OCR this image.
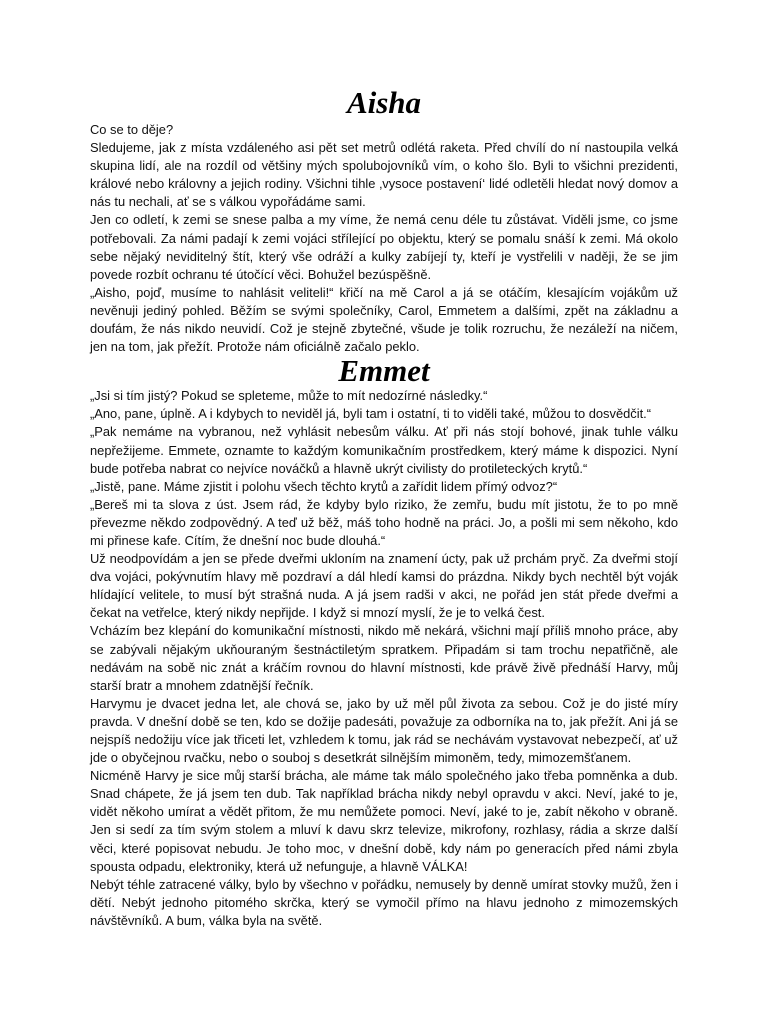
Aisha

Co se to děje?

Sledujeme, jak z místa vzdáleného asi pět set metrů odlétá raketa. Před chvílí do ní nastoupila velká skupina lidí, ale na rozdíl od většiny mých spolubojovníků vím, o koho šlo. Byli to všichni prezidenti, králové nebo královny a jejich rodiny. Všichni tihle ‚vysoce postavení‘ lidé odletěli hledat nový domov a nás tu nechali, ať se s válkou vypořádáme sami.

Jen co odletí, k zemi se snese palba a my víme, že nemá cenu déle tu zůstávat. Viděli jsme, co jsme potřebovali. Za námi padají k zemi vojáci střílející po objektu, který se pomalu snáší k zemi. Má okolo sebe nějaký neviditelný štít, který vše odráží a kulky zabíjejí ty, kteří je vystřelili v naději, že se jim povede rozbít ochranu té útočící věci. Bohužel bezúspěšně.

„Aisho, pojď, musíme to nahlásit veliteli!“ křičí na mě Carol a já se otáčím, klesajícím vojákům už nevěnuji jediný pohled. Běžím se svými společníky, Carol, Emmetem a dalšími, zpět na základnu a doufám, že nás nikdo neuvidí. Což je stejně zbytečné, všude je tolik rozruchu, že nezáleží na ničem, jen na tom, jak přežít. Protože nám oficiálně začalo peklo.

Emmet

„Jsi si tím jistý? Pokud se spleteme, může to mít nedozírné následky.“

„Ano, pane, úplně. A i kdybych to neviděl já, byli tam i ostatní, ti to viděli také, můžou to dosvědčit.“

„Pak nemáme na vybranou, než vyhlásit nebesům válku. Ať při nás stojí bohové, jinak tuhle válku nepřežijeme. Emmete, oznamte to každým komunikačním prostředkem, který máme k dispozici. Nyní bude potřeba nabrat co nejvíce nováčků a hlavně ukrýt civilisty do protileteckých krytů.“

„Jistě, pane. Máme zjistit i polohu všech těchto krytů a zařídit lidem přímý odvoz?“

„Bereš mi ta slova z úst. Jsem rád, že kdyby bylo riziko, že zemřu, budu mít jistotu, že to po mně převezme někdo zodpovědný. A teď už běž, máš toho hodně na práci. Jo, a pošli mi sem někoho, kdo mi přinese kafe. Cítím, že dnešní noc bude dlouhá.“

Už neodpovídám a jen se přede dveřmi ukloním na znamení úcty, pak už prchám pryč. Za dveřmi stojí dva vojáci, pokývnutím hlavy mě pozdraví a dál hledí kamsi do prázdna. Nikdy bych nechtěl být voják hlídající velitele, to musí být strašná nuda. A já jsem radši v akci, ne pořád jen stát přede dveřmi a čekat na vetřelce, který nikdy nepřijde. I když si mnozí myslí, že je to velká čest.

Vcházím bez klepání do komunikační místnosti, nikdo mě nekárá, všichni mají příliš mnoho práce, aby se zabývali nějakým ukňouraným šestnáctiletým spratkem. Připadám si tam trochu nepatřičně, ale nedávám na sobě nic znát a kráčím rovnou do hlavní místnosti, kde právě živě přednáší Harvy, můj starší bratr a mnohem zdatnější řečník.

Harvymu je dvacet jedna let, ale chová se, jako by už měl půl života za sebou. Což je do jisté míry pravda. V dnešní době se ten, kdo se dožije padesáti, považuje za odborníka na to, jak přežít. Ani já se nejspíš nedožiju více jak třiceti let, vzhledem k tomu, jak rád se nechávám vystavovat nebezpečí, ať už jde o obyčejnou rvačku, nebo o souboj s desetkrát silnějším mimoněm, tedy, mimozemšťanem.

Nicméně Harvy je sice můj starší brácha, ale máme tak málo společného jako třeba pomněnka a dub. Snad chápete, že já jsem ten dub. Tak například brácha nikdy nebyl opravdu v akci. Neví, jaké to je, vidět někoho umírat a vědět přitom, že mu nemůžete pomoci. Neví, jaké to je, zabít někoho v obraně. Jen si sedí za tím svým stolem a mluví k davu skrz televize, mikrofony, rozhlasy, rádia a skrze další věci, které popisovat nebudu. Je toho moc, v dnešní době, kdy nám po generacích před námi zbyla spousta odpadu, elektroniky, která už nefunguje, a hlavně VÁLKA!

Nebýt téhle zatracené války, bylo by všechno v pořádku, nemusely by denně umírat stovky mužů, žen i dětí. Nebýt jednoho pitomého skrčka, který se vymočil přímo na hlavu jednoho z mimozemských návštěvníků. A bum, válka byla na světě.
